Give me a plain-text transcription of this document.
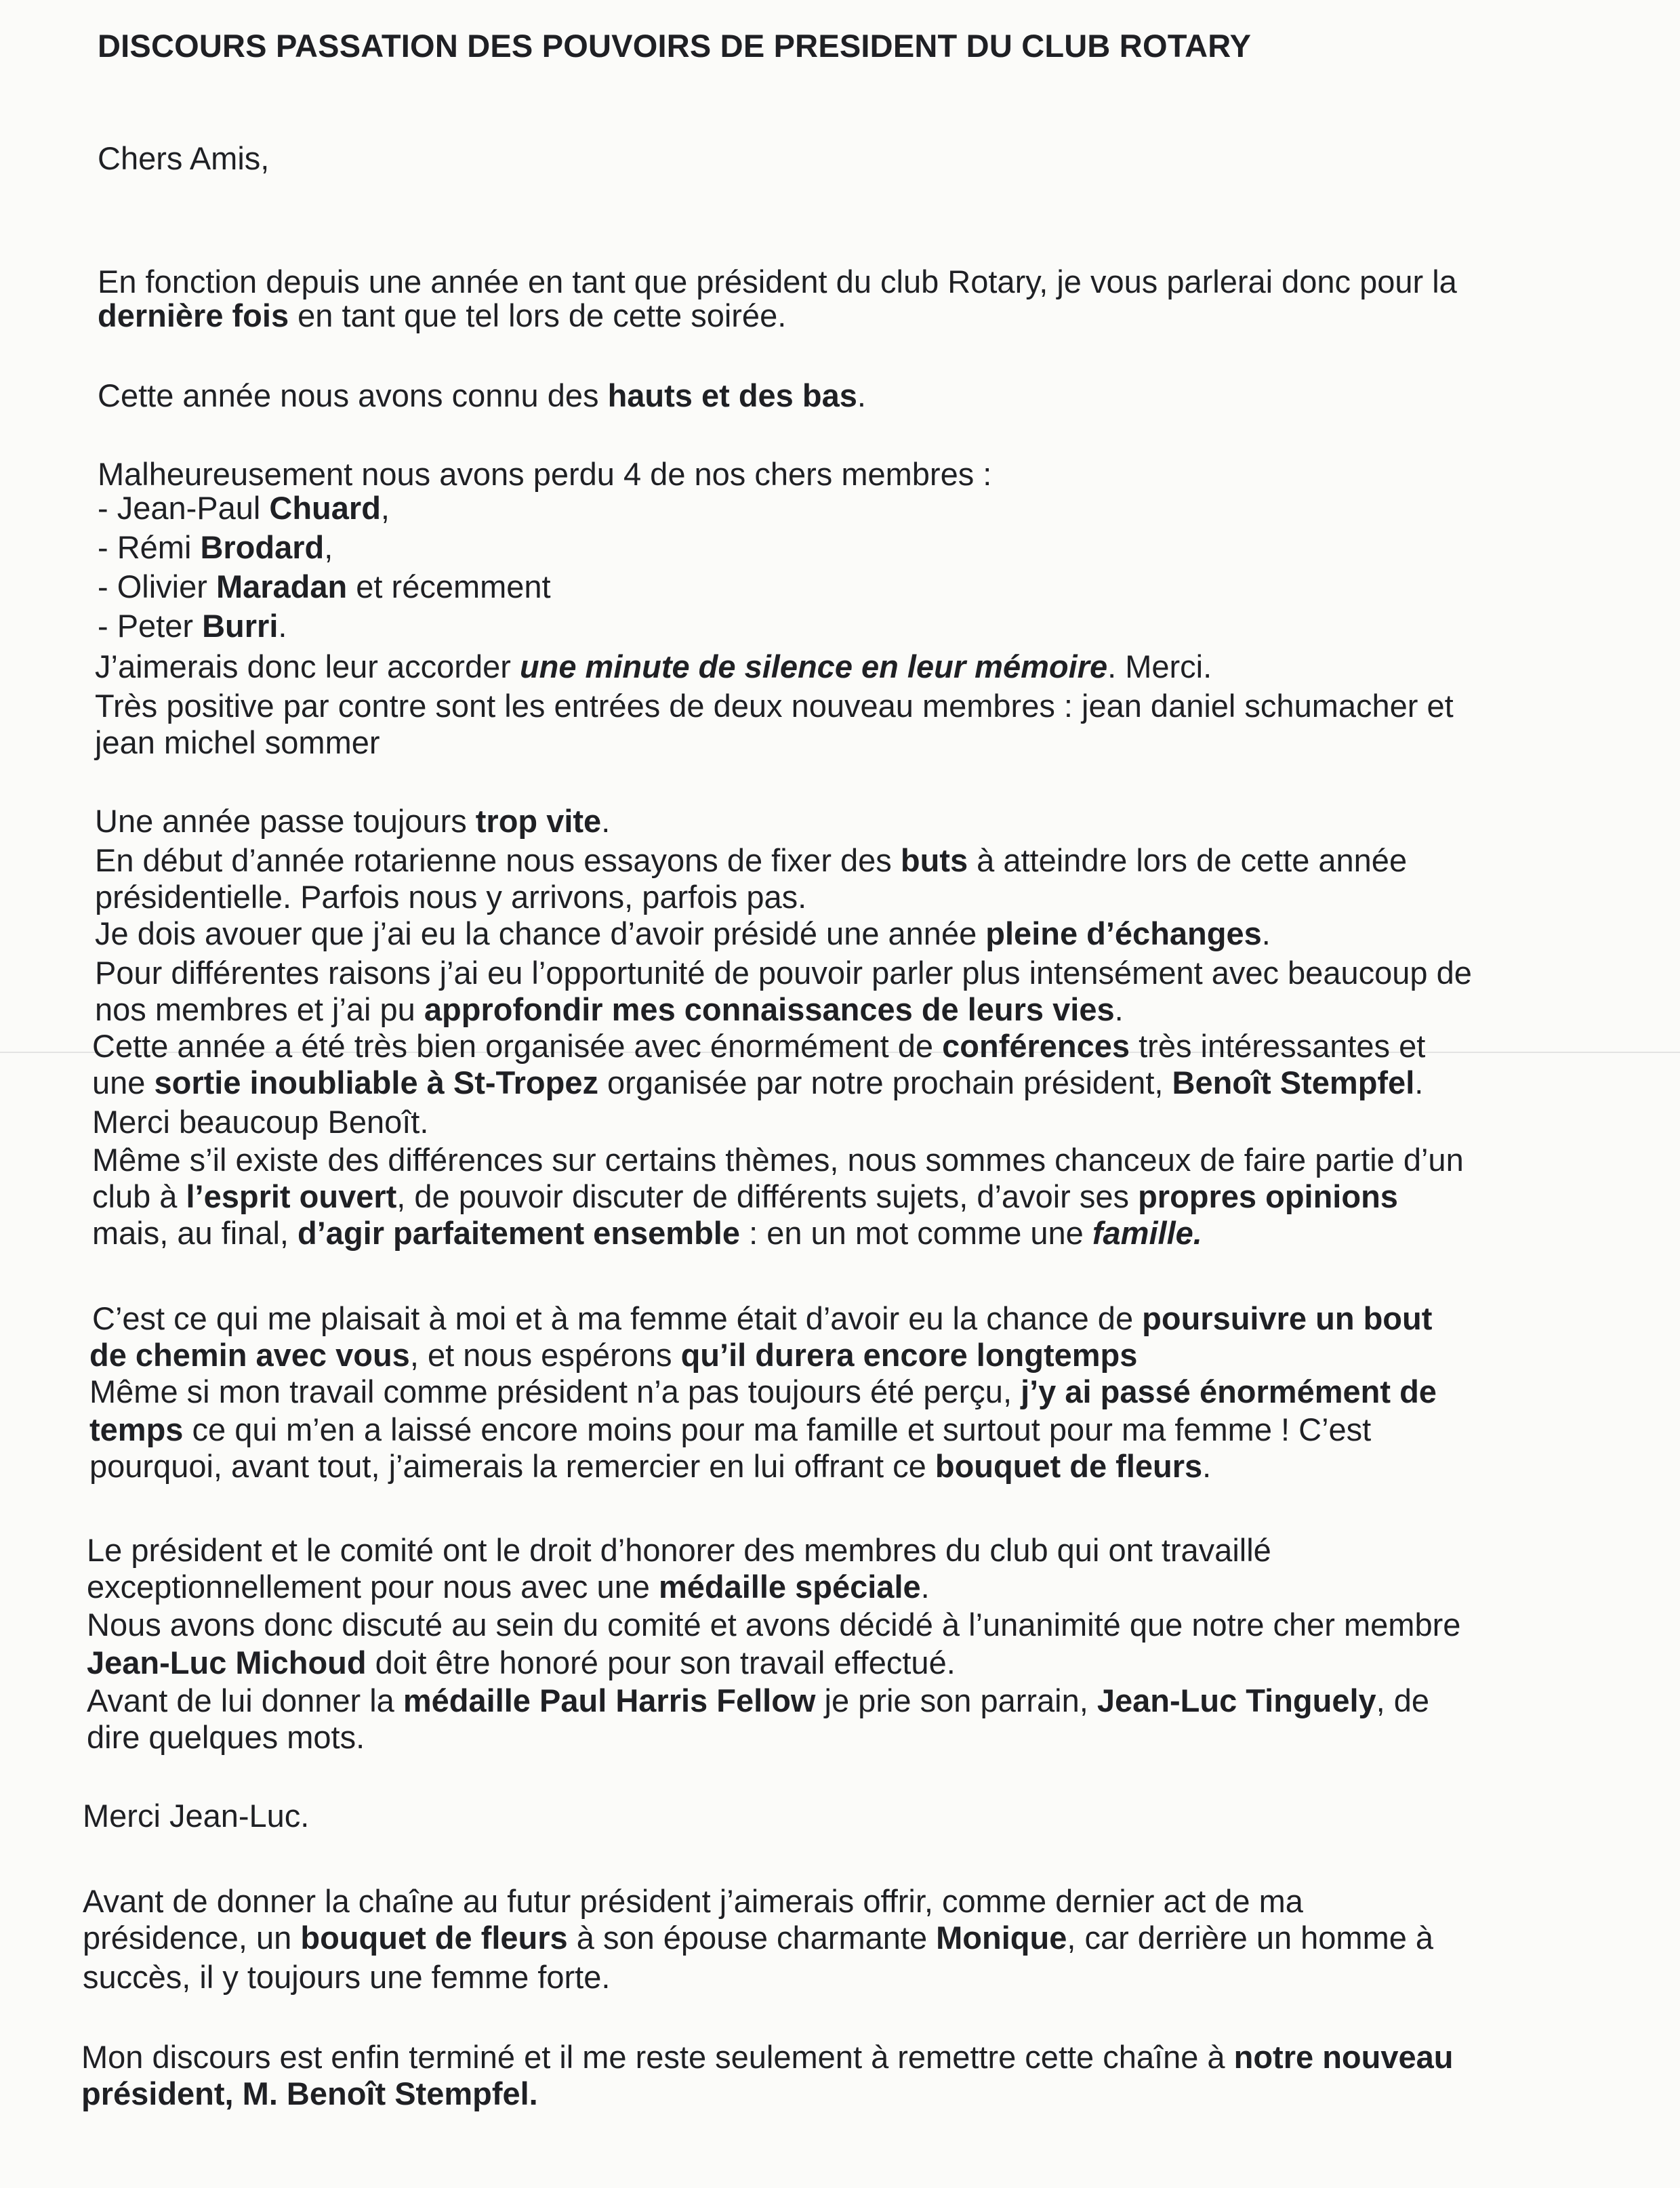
DISCOURS PASSATION DES POUVOIRS DE PRESIDENT DU CLUB ROTARY
Chers Amis,
En fonction depuis une année en tant que président du club Rotary, je vous parlerai donc pour la
dernière fois en tant que tel lors de cette soirée.
Cette année nous avons connu des hauts et des bas.
Malheureusement nous avons perdu 4 de nos chers membres :
- Jean-Paul Chuard,
- Rémi Brodard,
- Olivier Maradan et récemment
- Peter Burri.
J’aimerais donc leur accorder une minute de silence en leur mémoire. Merci.
Très positive par contre sont les entrées de deux nouveau membres : jean daniel schumacher et
jean michel sommer
Une année passe toujours trop vite.
En début d’année rotarienne nous essayons de fixer des buts à atteindre lors de cette année
présidentielle. Parfois nous y arrivons, parfois pas.
Je dois avouer que j’ai eu la chance d’avoir présidé une année pleine d’échanges.
Pour différentes raisons j’ai eu l’opportunité de pouvoir parler plus intensément avec beaucoup de
nos membres et j’ai pu approfondir mes connaissances de leurs vies.
Cette année a été très bien organisée avec énormément de conférences très intéressantes et
une sortie inoubliable à St-Tropez organisée par notre prochain président, Benoît Stempfel.
Merci beaucoup Benoît.
Même s’il existe des différences sur certains thèmes, nous sommes chanceux de faire partie d’un
club à l’esprit ouvert, de pouvoir discuter de différents sujets, d’avoir ses propres opinions
mais, au final, d’agir parfaitement ensemble : en un mot comme une famille.
C’est ce qui me plaisait à moi et à ma femme était d’avoir eu la chance de poursuivre un bout
de chemin avec vous, et nous espérons qu’il durera encore longtemps
Même si mon travail comme président n’a pas toujours été perçu, j’y ai passé énormément de
temps ce qui m’en a laissé encore moins pour ma famille et surtout pour ma femme ! C’est
pourquoi, avant tout, j’aimerais la remercier en lui offrant ce bouquet de fleurs.
Le président et le comité ont le droit d’honorer des membres du club qui ont travaillé
exceptionnellement pour nous avec une médaille spéciale.
Nous avons donc discuté au sein du comité et avons décidé à l’unanimité que notre cher membre
Jean-Luc Michoud doit être honoré pour son travail effectué.
Avant de lui donner la médaille Paul Harris Fellow je prie son parrain, Jean-Luc Tinguely, de
dire quelques mots.
Merci Jean-Luc.
Avant de donner la chaîne au futur président j’aimerais offrir, comme dernier act de ma
présidence, un bouquet de fleurs à son épouse charmante Monique, car derrière un homme à
succès, il y toujours une femme forte.
Mon discours est enfin terminé et il me reste seulement à remettre cette chaîne à notre nouveau
président, M. Benoît Stempfel.
